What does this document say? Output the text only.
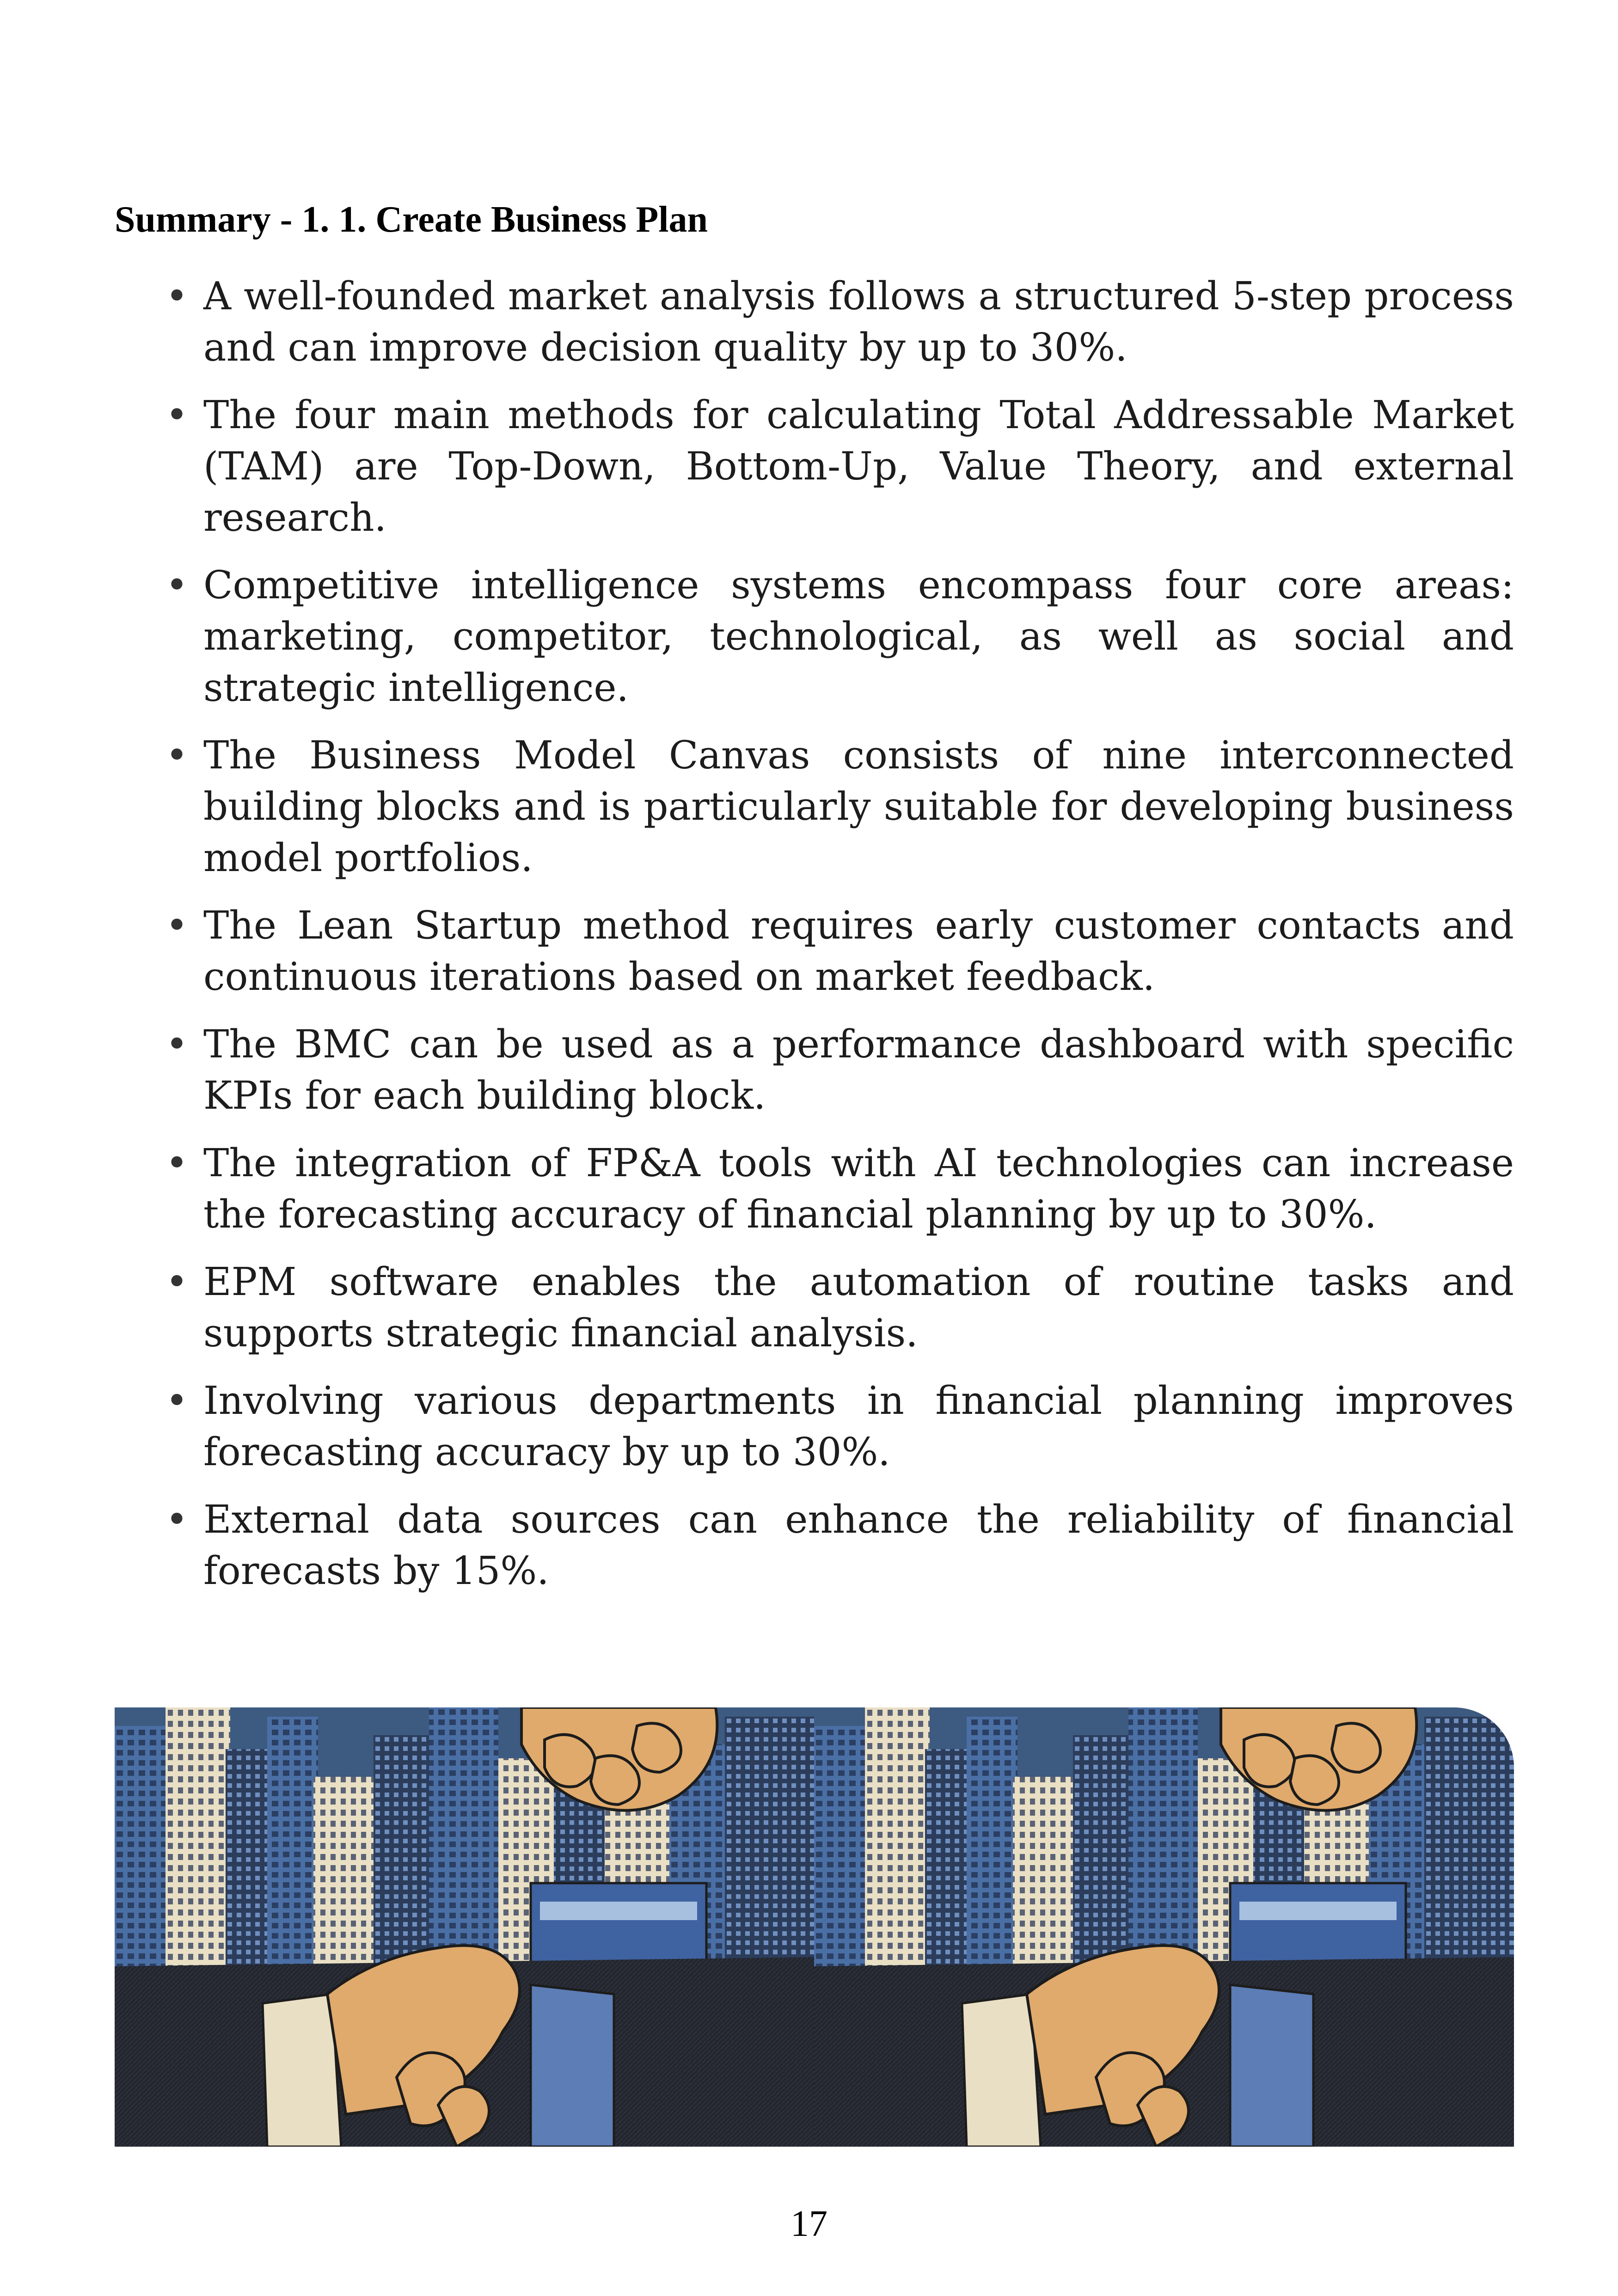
Summary - 1. 1. Create Business Plan
• A well-founded market analysis follows a structured 5-step process and can improve decision quality by up to 30%.
• The four main methods for calculating Total Addressable Market (TAM) are Top-Down, Bottom-Up, Value Theory, and external research.
• Competitive intelligence systems encompass four core areas: marketing, competitor, technological, as well as social and strategic intelligence.
• The Business Model Canvas consists of nine interconnected building blocks and is particularly suitable for developing business model portfolios.
• The Lean Startup method requires early customer contacts and continuous iterations based on market feedback.
• The BMC can be used as a performance dashboard with specific KPIs for each building block.
• The integration of FP&A tools with AI technologies can increase the forecasting accuracy of financial planning by up to 30%.
• EPM software enables the automation of routine tasks and supports strategic financial analysis.
• Involving various departments in financial planning improves forecasting accuracy by up to 30%.
• External data sources can enhance the reliability of financial forecasts by 15%.
17
